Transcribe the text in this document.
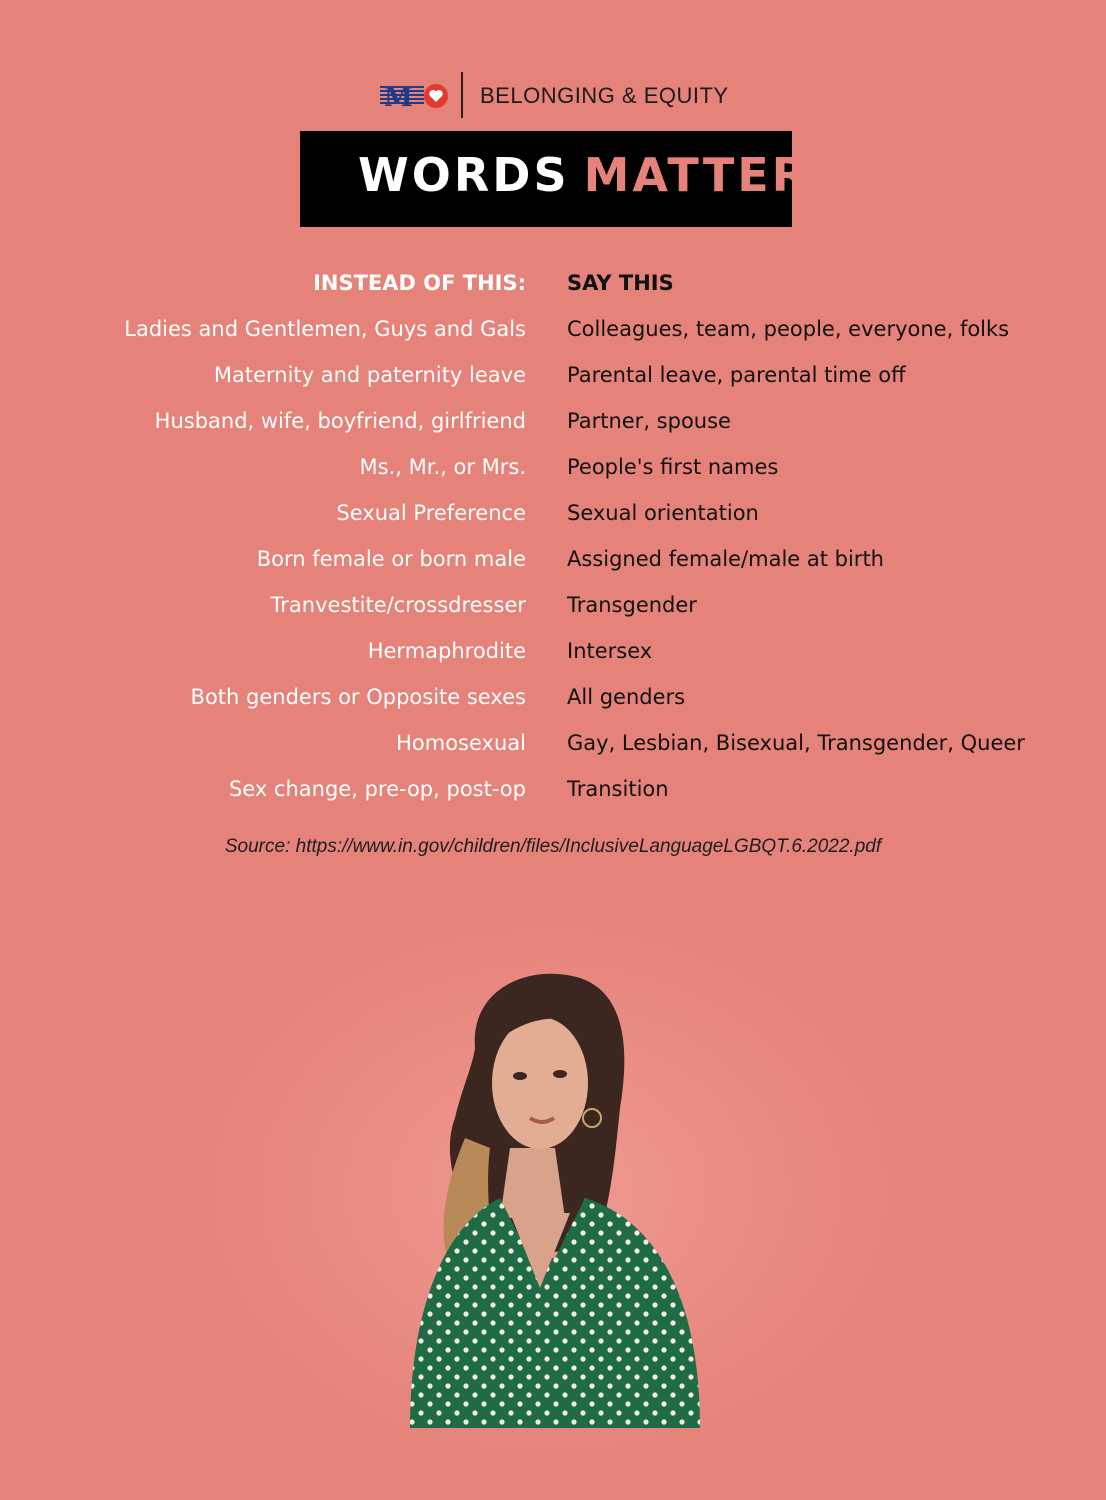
M	BELONGING & EQUITY
WORDS MATTER.
INSTEAD OF THIS: SAY THIS
Ladies and Gentlemen, Guys and Gals Colleagues, team, people, everyone, folks
Maternity and paternity leave Parental leave, parental time off
Husband, wife, boyfriend, girlfriend Partner, spouse
Ms., Mr., or Mrs. People's first names
Sexual Preference Sexual orientation
Born female or born male Assigned female/male at birth
Tranvestite/crossdresser Transgender
Hermaphrodite Intersex
Both genders or Opposite sexes All genders
Homosexual Gay, Lesbian, Bisexual, Transgender, Queer
Sex change, pre-op, post-op Transition
Source: https://www.in.gov/children/files/InclusiveLanguageLGBQT.6.2022.pdf
